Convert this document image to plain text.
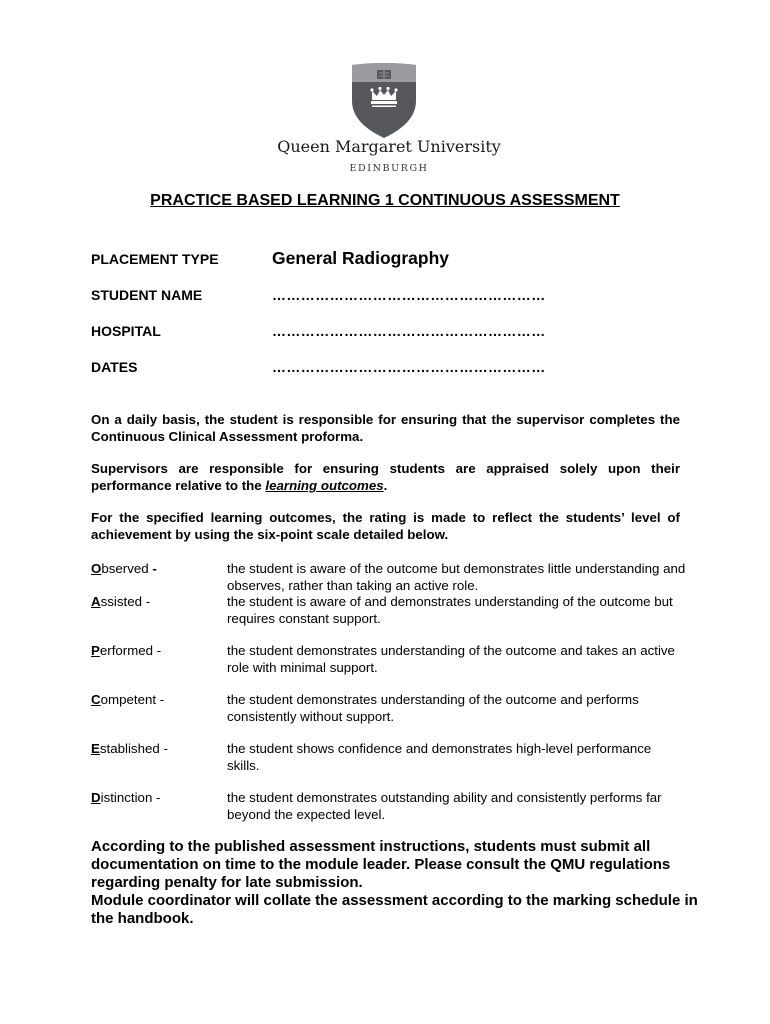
Queen Margaret University
EDINBURGH
PRACTICE BASED LEARNING 1 CONTINUOUS ASSESSMENT
PLACEMENT TYPE	General Radiography
STUDENT NAME	…………………………………………………
HOSPITAL	…………………………………………………
DATES	…………………………………………………
On a daily basis, the student is responsible for ensuring that the supervisor completes the Continuous Clinical Assessment proforma.
Supervisors are responsible for ensuring students are appraised solely upon their performance relative to the learning outcomes.
For the specified learning outcomes, the rating is made to reflect the students’ level of achievement by using the six-point scale detailed below.
Observed -	the student is aware of the outcome but demonstrates little understanding and observes, rather than taking an active role.
Assisted -	the student is aware of and demonstrates understanding of the outcome but requires constant support.
Performed -	the student demonstrates understanding of the outcome and takes an active role with minimal support.
Competent -	the student demonstrates understanding of the outcome and performs consistently without support.
Established -	the student shows confidence and demonstrates high-level performance skills.
Distinction -	the student demonstrates outstanding ability and consistently performs far beyond the expected level.
According to the published assessment instructions, students must submit all documentation on time to the module leader. Please consult the QMU regulations regarding penalty for late submission.
Module coordinator will collate the assessment according to the marking schedule in the handbook.
